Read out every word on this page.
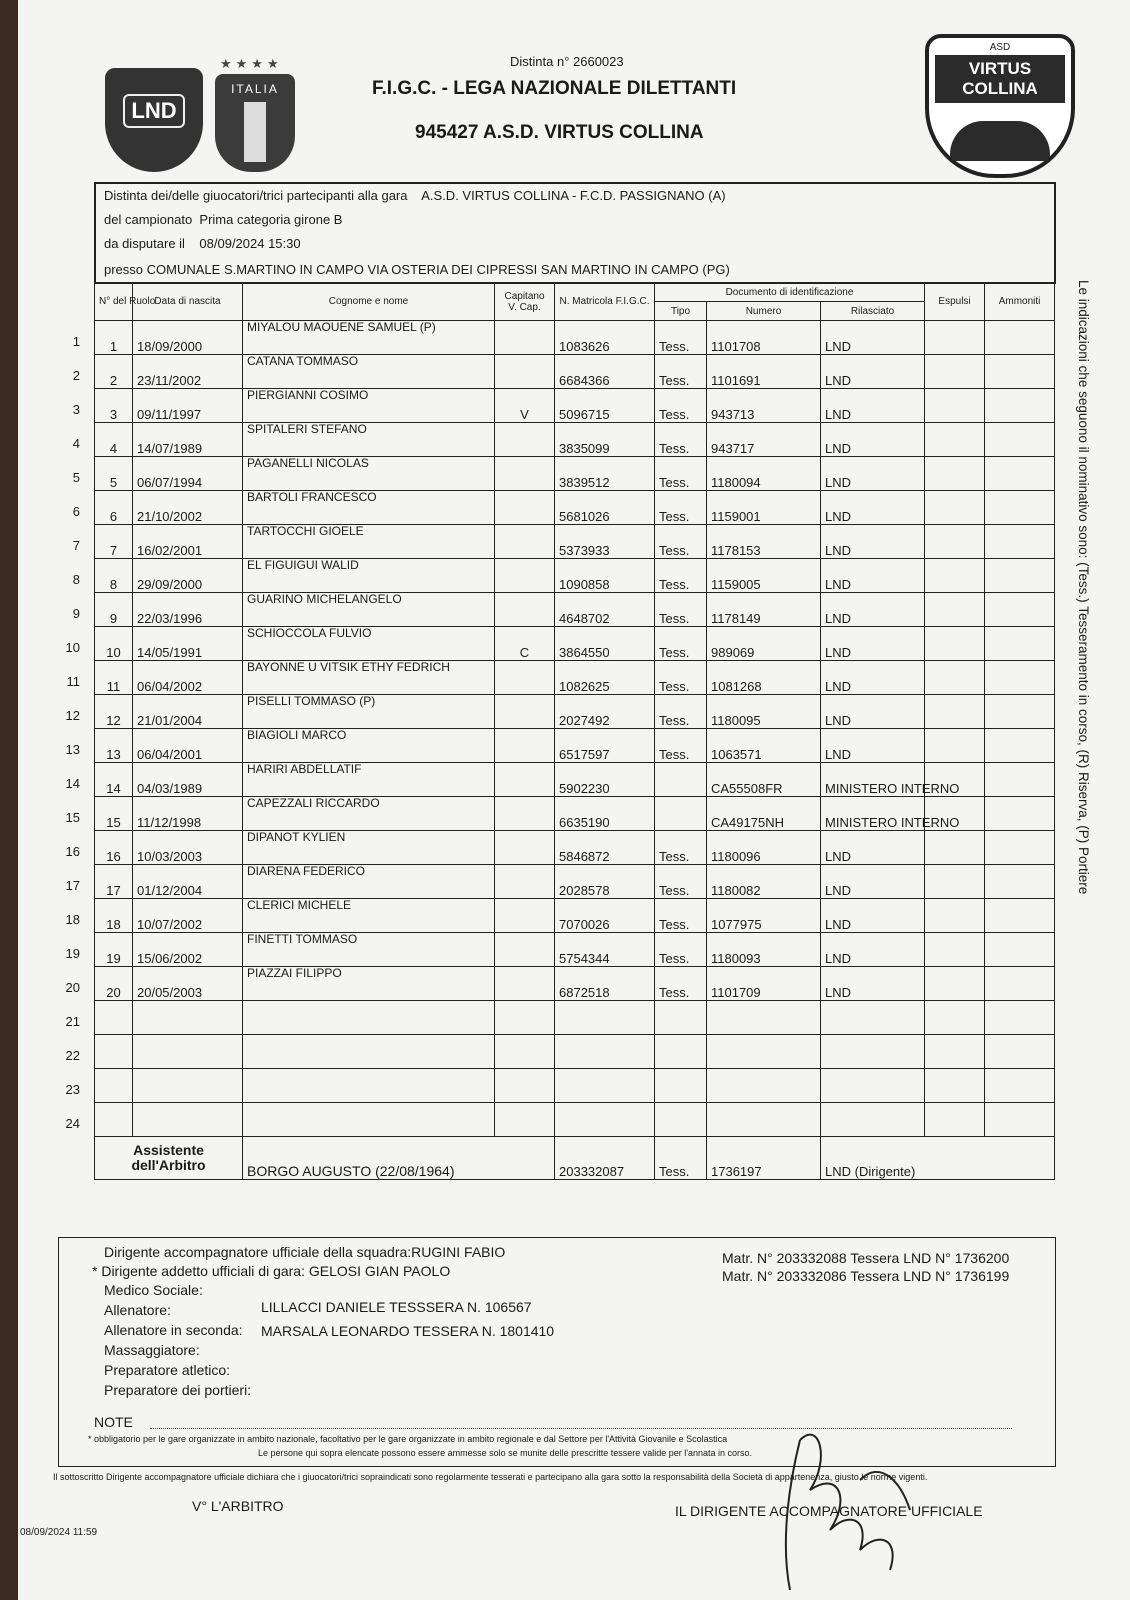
LND
★★★★
ITALIA
Distinta n° 2660023
F.I.G.C. - LEGA NAZIONALE DILETTANTI
945427 A.S.D. VIRTUS COLLINA
ASD
VIRTUS COLLINA
Distinta dei/delle giuocatori/trici partecipanti alla gara A.S.D. VIRTUS COLLINA - F.C.D. PASSIGNANO (A)
del campionato Prima categoria girone B
da disputare il 08/09/2024 15:30
presso COMUNALE S.MARTINO IN CAMPO VIA OSTERIA DEI CIPRESSI SAN MARTINO IN CAMPO (PG)
N° del Ruolo	Data di nascita	Cognome e nome	Capitano V. Cap.	N. Matricola F.I.G.C.	Documento di identificazione			Espulsi	Ammoniti
					Tipo	Numero	Rilasciato		
1	18/09/2000	MIYALOU MAOUENE SAMUEL (P)		1083626	Tess.	1101708	LND		
2	23/11/2002	CATANA TOMMASO		6684366	Tess.	1101691	LND		
3	09/11/1997	PIERGIANNI COSIMO	V	5096715	Tess.	943713	LND		
4	14/07/1989	SPITALERI STEFANO		3835099	Tess.	943717	LND		
5	06/07/1994	PAGANELLI NICOLAS		3839512	Tess.	1180094	LND		
6	21/10/2002	BARTOLI FRANCESCO		5681026	Tess.	1159001	LND		
7	16/02/2001	TARTOCCHI GIOELE		5373933	Tess.	1178153	LND		
8	29/09/2000	EL FIGUIGUI WALID		1090858	Tess.	1159005	LND		
9	22/03/1996	GUARINO MICHELANGELO		4648702	Tess.	1178149	LND		
10	14/05/1991	SCHIOCCOLA FULVIO	C	3864550	Tess.	989069	LND		
11	06/04/2002	BAYONNE U VITSIK ETHY FEDRICH		1082625	Tess.	1081268	LND		
12	21/01/2004	PISELLI TOMMASO (P)		2027492	Tess.	1180095	LND		
13	06/04/2001	BIAGIOLI MARCO		6517597	Tess.	1063571	LND		
14	04/03/1989	HARIRI ABDELLATIF		5902230		CA55508FR	MINISTERO INTERNO		
15	11/12/1998	CAPEZZALI RICCARDO		6635190		CA49175NH	MINISTERO INTERNO		
16	10/03/2003	DIPANOT KYLIEN		5846872	Tess.	1180096	LND		
17	01/12/2004	DIARENA FEDERICO		2028578	Tess.	1180082	LND		
18	10/07/2002	CLERICI MICHELE		7070026	Tess.	1077975	LND		
19	15/06/2002	FINETTI TOMMASO		5754344	Tess.	1180093	LND		
20	20/05/2003	PIAZZAI FILIPPO		6872518	Tess.	1101709	LND		

Assistente dell'Arbitro		BORGO AUGUSTO (22/08/1964)		203332087	Tess.	1736197	LND (Dirigente)		
1
2
3
4
5
6
7
8
9
10
11
12
13
14
15
16
17
18
19
20
21
22
23
24
Le indicazioni che seguono il nominativo sono: (Tess.) Tesseramento in corso, (R) Riserva, (P) Portiere
Dirigente accompagnatore ufficiale della squadra:RUGINI FABIO	Matr. N° 203332088 Tessera LND N° 1736200
* Dirigente addetto ufficiali di gara: GELOSI GIAN PAOLO	Matr. N° 203332086 Tessera LND N° 1736199
Medico Sociale:
Allenatore:	LILLACCI DANIELE TESSSERA N. 106567
Allenatore in seconda: MARSALA LEONARDO TESSERA N. 1801410
Massaggiatore:
Preparatore atletico:
Preparatore dei portieri:
NOTE
* obbligatorio per le gare organizzate in ambito nazionale, facoltativo per le gare organizzate in ambito regionale e dal Settore per l'Attività Giovanile e Scolastica
Le persone qui sopra elencate possono essere ammesse solo se munite delle prescritte tessere valide per l'annata in corso.
Il sottoscritto Dirigente accompagnatore ufficiale dichiara che i giuocatori/trici sopraindicati sono regolarmente tesserati e partecipano alla gara sotto la responsabilità della Società di appartenenza, giusto le norme vigenti.
V° L'ARBITRO	IL DIRIGENTE ACCOMPAGNATORE UFFICIALE
08/09/2024 11:59
